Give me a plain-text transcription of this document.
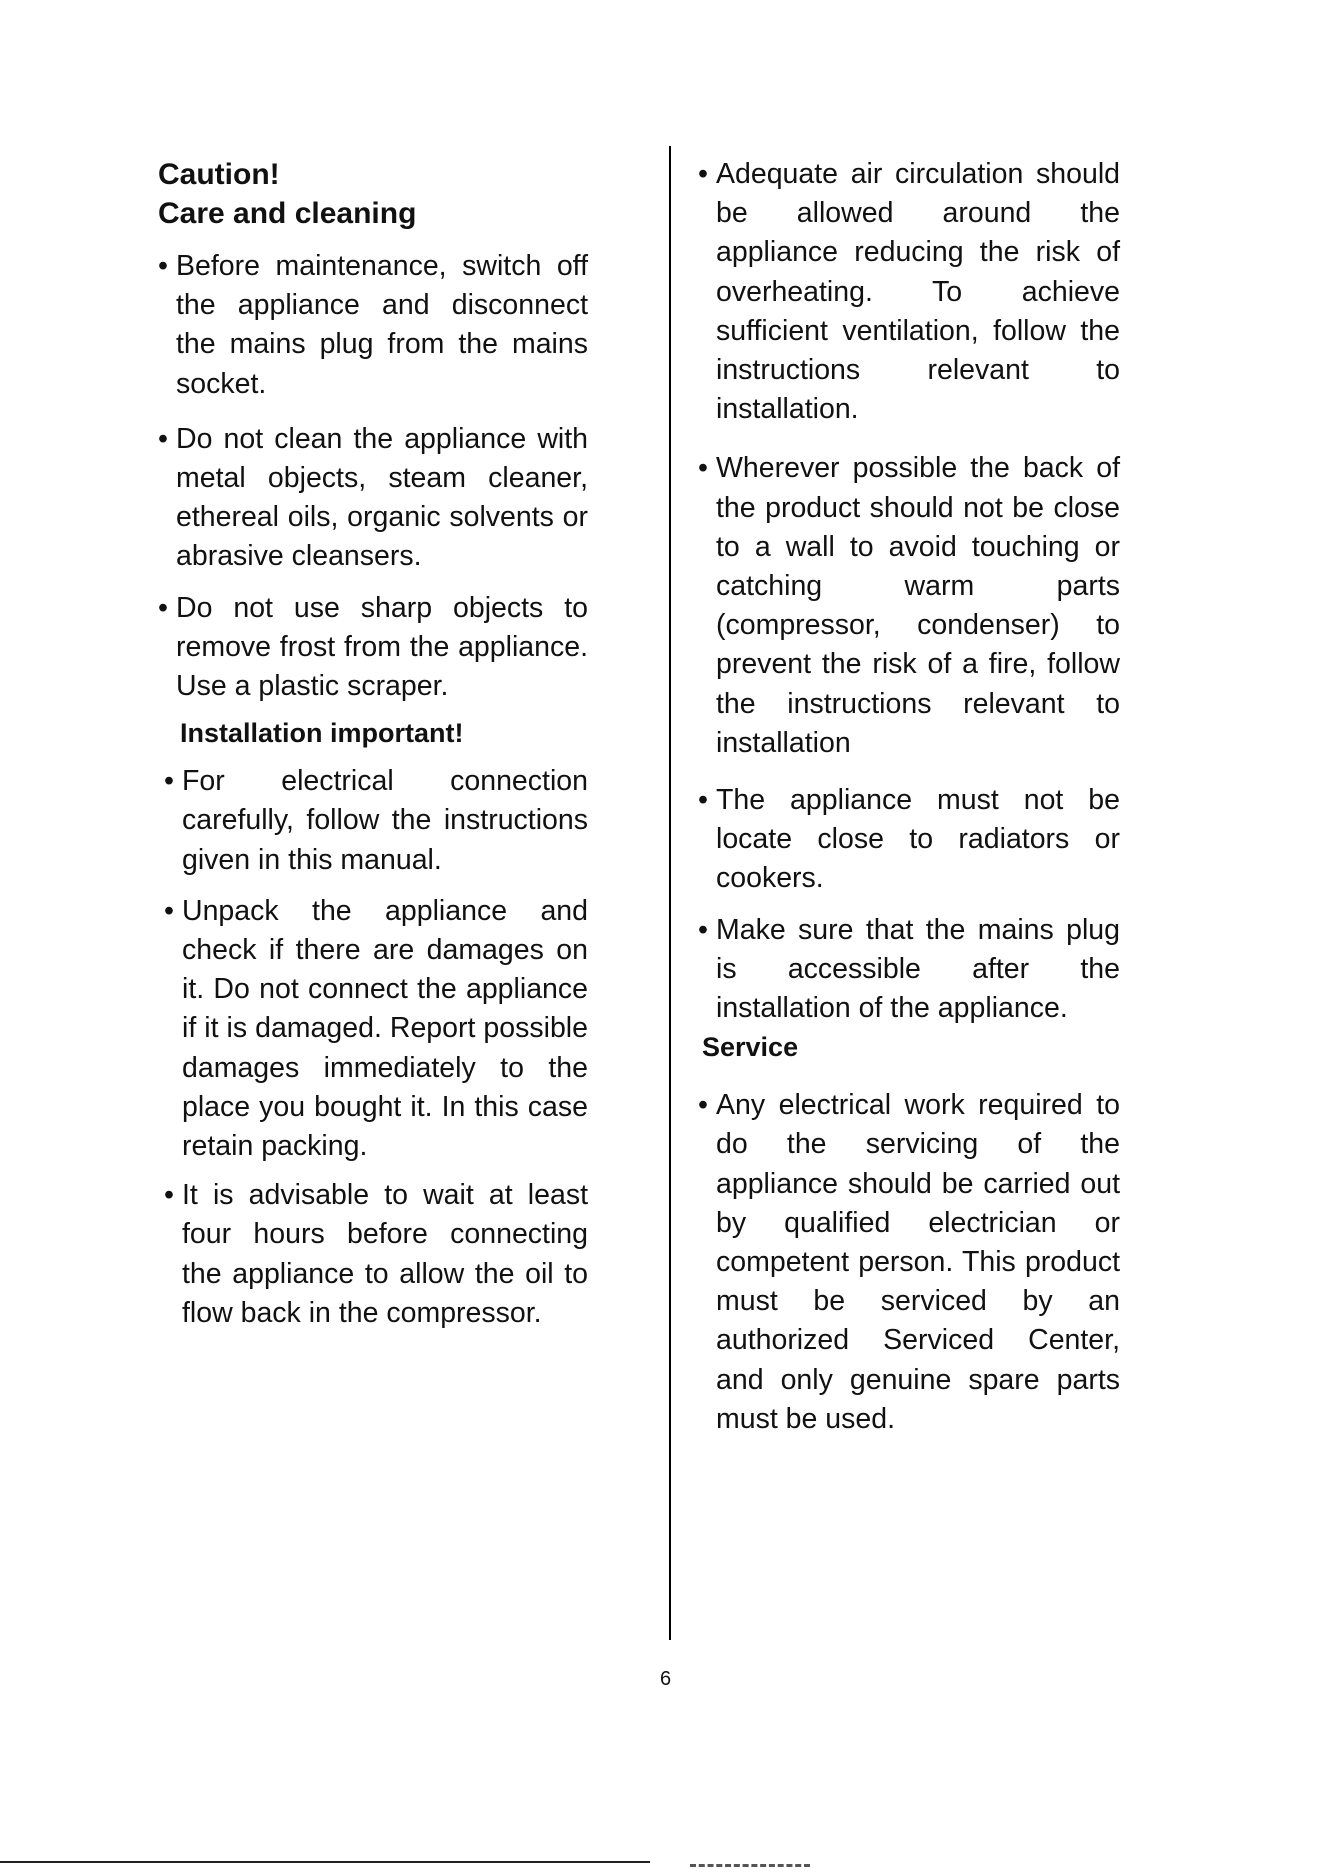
Caution!

Care and cleaning

• Before maintenance, switch off the appliance and disconnect the mains plug from the mains socket.

• Do not clean the appliance with metal objects, steam cleaner, ethereal oils, organic solvents or abrasive cleansers.

• Do not use sharp objects to remove frost from the appliance. Use a plastic scraper.

Installation important!

• For electrical connection carefully, follow the instructions given in this manual.

• Unpack the appliance and check if there are damages on it. Do not connect the appliance if it is damaged. Report possible damages immediately to the place you bought it. In this case retain packing.

• It is advisable to wait at least four hours before connecting the appliance to allow the oil to flow back in the compressor.

• Adequate air circulation should be allowed around the appliance reducing the risk of overheating. To achieve sufficient ventilation, follow the instructions relevant to installation.

• Wherever possible the back of the product should not be close to a wall to avoid touching or catching warm parts (compressor, condenser) to prevent the risk of a fire, follow the instructions relevant to installation

• The appliance must not be locate close to radiators or cookers.

• Make sure that the mains plug is accessible after the installation of the appliance.

Service

• Any electrical work required to do the servicing of the appliance should be carried out by qualified electrician or competent person. This product must be serviced by an authorized Serviced Center, and only genuine spare parts must be used.

6
